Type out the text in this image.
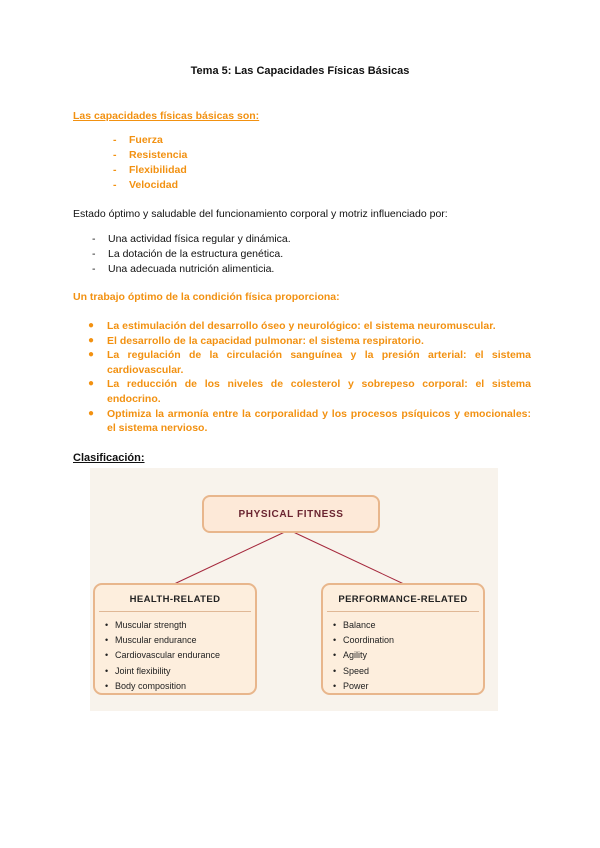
Tema 5: Las Capacidades Físicas Básicas
Las capacidades físicas básicas son:
- Fuerza
- Resistencia
- Flexibilidad
- Velocidad
Estado óptimo y saludable del funcionamiento corporal y motriz influenciado por:
- Una actividad física regular y dinámica.
- La dotación de la estructura genética.
- Una adecuada nutrición alimenticia.
Un trabajo óptimo de la condición física proporciona:
● La estimulación del desarrollo óseo y neurológico: el sistema neuromuscular.
● El desarrollo de la capacidad pulmonar: el sistema respiratorio.
● La regulación de la circulación sanguínea y la presión arterial: el sistema cardiovascular.
● La reducción de los niveles de colesterol y sobrepeso corporal: el sistema endocrino.
● Optimiza la armonía entre la corporalidad y los procesos psíquicos y emocionales: el sistema nervioso.
Clasificación:
PHYSICAL FITNESS
HEALTH-RELATED
• Muscular strength
• Muscular endurance
• Cardiovascular endurance
• Joint flexibility
• Body composition
PERFORMANCE-RELATED
• Balance
• Coordination
• Agility
• Speed
• Power
